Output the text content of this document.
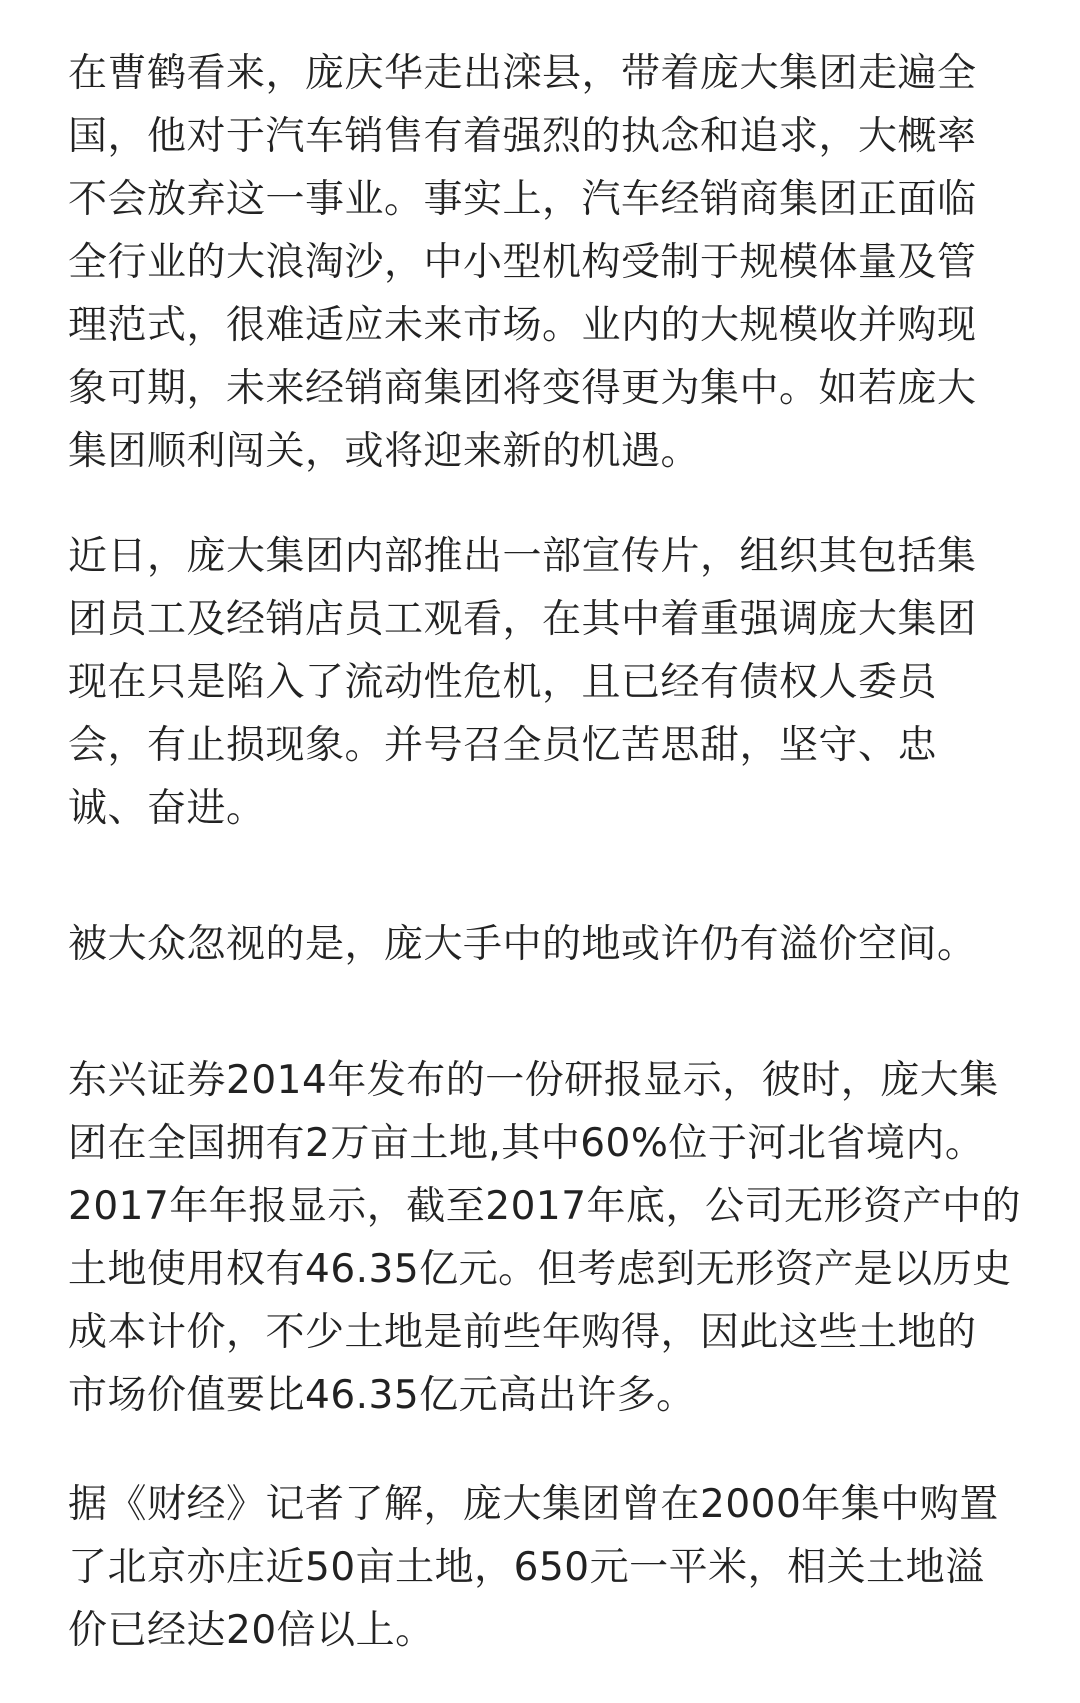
在曹鹤看来，庞庆华走出滦县，带着庞大集团走遍全
国，他对于汽车销售有着强烈的执念和追求，大概率
不会放弃这一事业。事实上，汽车经销商集团正面临
全行业的大浪淘沙，中小型机构受制于规模体量及管
理范式，很难适应未来市场。业内的大规模收并购现
象可期，未来经销商集团将变得更为集中。如若庞大
集团顺利闯关，或将迎来新的机遇。

近日，庞大集团内部推出一部宣传片，组织其包括集
团员工及经销店员工观看，在其中着重强调庞大集团
现在只是陷入了流动性危机，且已经有债权人委员
会，有止损现象。并号召全员忆苦思甜，坚守、忠
诚、奋进。

被大众忽视的是，庞大手中的地或许仍有溢价空间。

东兴证券2014年发布的一份研报显示，彼时，庞大集
团在全国拥有2万亩土地,其中60%位于河北省境内。
2017年年报显示，截至2017年底，公司无形资产中的
土地使用权有46.35亿元。但考虑到无形资产是以历史
成本计价，不少土地是前些年购得，因此这些土地的
市场价值要比46.35亿元高出许多。

据《财经》记者了解，庞大集团曾在2000年集中购置
了北京亦庄近50亩土地，650元一平米，相关土地溢
价已经达20倍以上。
